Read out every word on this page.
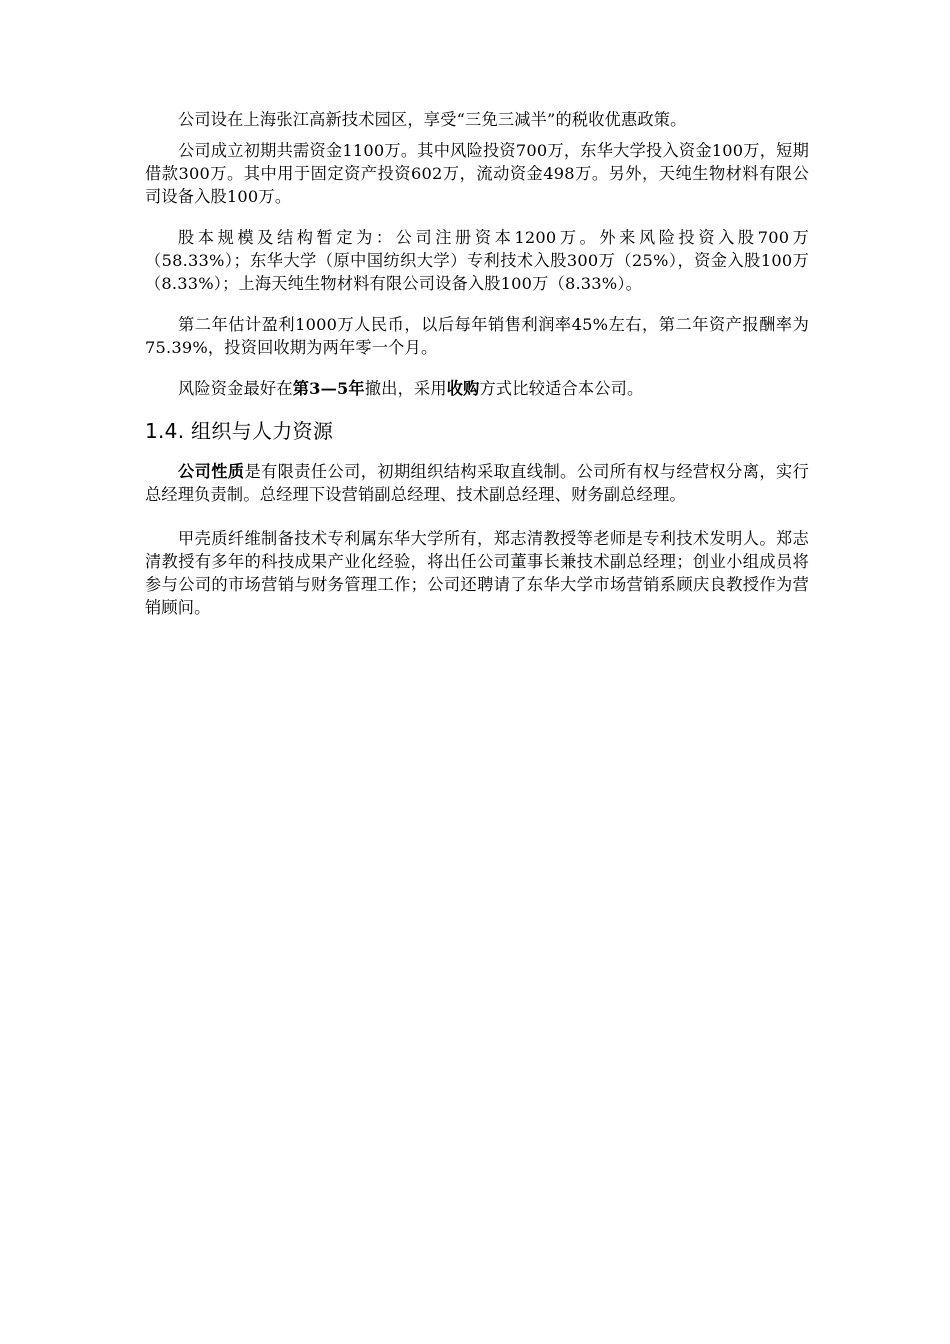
公司设在上海张江高新技术园区，享受“三免三减半”的税收优惠政策。

公司成立初期共需资金1100万。其中风险投资700万，东华大学投入资金100万，短期借款300万。其中用于固定资产投资602万，流动资金498万。另外，天纯生物材料有限公司设备入股100万。

股本规模及结构暂定为：公司注册资本1200万。外来风险投资入股700万（58.33%）；东华大学（原中国纺织大学）专利技术入股300万（25%），资金入股100万（8.33%）；上海天纯生物材料有限公司设备入股100万（8.33%）。

第二年估计盈利1000万人民币，以后每年销售利润率45%左右，第二年资产报酬率为75.39%，投资回收期为两年零一个月。

风险资金最好在第3—5年撤出，采用收购方式比较适合本公司。

1.4. 组织与人力资源

公司性质是有限责任公司，初期组织结构采取直线制。公司所有权与经营权分离，实行总经理负责制。总经理下设营销副总经理、技术副总经理、财务副总经理。

甲壳质纤维制备技术专利属东华大学所有，郑志清教授等老师是专利技术发明人。郑志清教授有多年的科技成果产业化经验，将出任公司董事长兼技术副总经理；创业小组成员将参与公司的市场营销与财务管理工作；公司还聘请了东华大学市场营销系顾庆良教授作为营销顾问。
